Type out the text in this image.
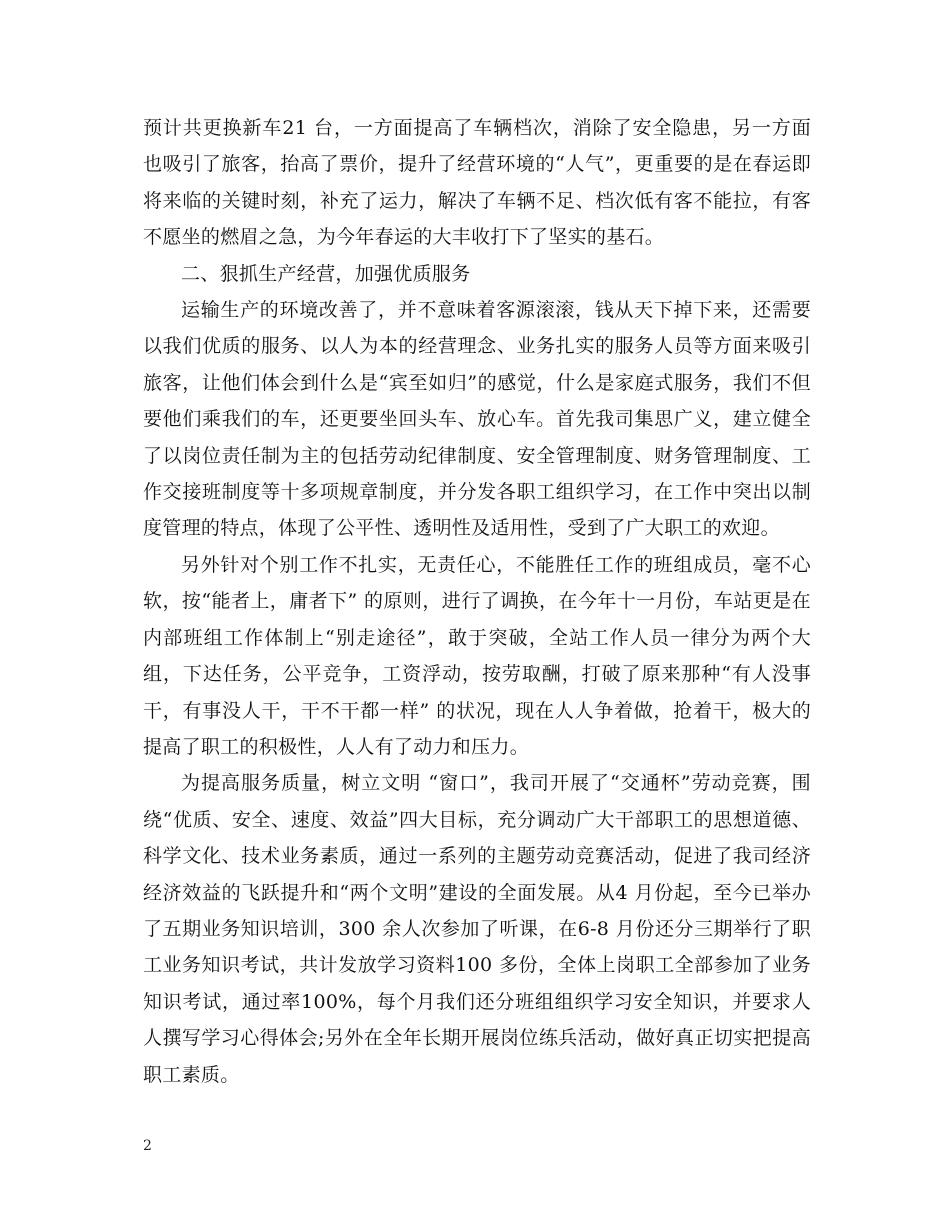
预计共更换新车21 台，一方面提高了车辆档次，消除了安全隐患，另一方面也吸引了旅客，抬高了票价，提升了经营环境的“人气”，更重要的是在春运即将来临的关键时刻，补充了运力，解决了车辆不足、档次低有客不能拉，有客不愿坐的燃眉之急，为今年春运的大丰收打下了坚实的基石。

二、狠抓生产经营，加强优质服务

运输生产的环境改善了，并不意味着客源滚滚，钱从天下掉下来，还需要以我们优质的服务、以人为本的经营理念、业务扎实的服务人员等方面来吸引旅客，让他们体会到什么是“宾至如归”的感觉，什么是家庭式服务，我们不但要他们乘我们的车，还更要坐回头车、放心车。首先我司集思广义，建立健全了以岗位责任制为主的包括劳动纪律制度、安全管理制度、财务管理制度、工作交接班制度等十多项规章制度，并分发各职工组织学习，在工作中突出以制度管理的特点，体现了公平性、透明性及适用性，受到了广大职工的欢迎。

另外针对个别工作不扎实，无责任心，不能胜任工作的班组成员，毫不心软，按“能者上，庸者下” 的原则，进行了调换，在今年十一月份，车站更是在内部班组工作体制上“别走途径”，敢于突破，全站工作人员一律分为两个大组，下达任务，公平竞争，工资浮动，按劳取酬，打破了原来那种“有人没事干，有事没人干，干不干都一样” 的状况，现在人人争着做，抢着干，极大的提高了职工的积极性，人人有了动力和压力。

为提高服务质量，树立文明 “窗口”，我司开展了“交通杯”劳动竞赛，围绕“优质、安全、速度、效益”四大目标，充分调动广大干部职工的思想道德、科学文化、技术业务素质，通过一系列的主题劳动竞赛活动，促进了我司经济经济效益的飞跃提升和“两个文明”建设的全面发展。从4 月份起，至今已举办了五期业务知识培训，300 余人次参加了听课，在6-8 月份还分三期举行了职工业务知识考试，共计发放学习资料100 多份，全体上岗职工全部参加了业务知识考试，通过率100%，每个月我们还分班组组织学习安全知识，并要求人人撰写学习心得体会;另外在全年长期开展岗位练兵活动，做好真正切实把提高职工素质。

2
